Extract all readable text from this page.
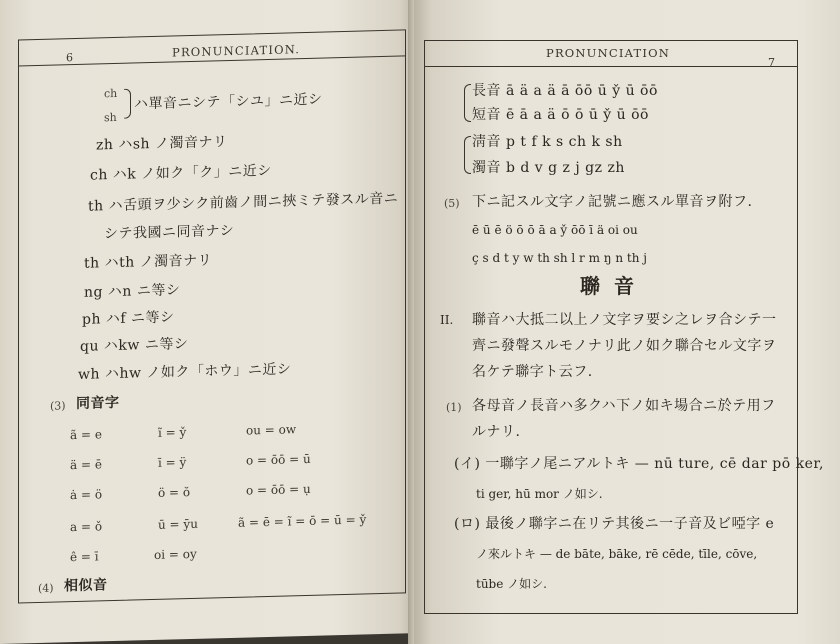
6	PRONUNCIATION.
ch
sh
ハ單音ニシテ「シユ」ニ近シ
zh ハsh ノ濁音ナリ
ch ハk ノ如ク「ク」ニ近シ
th ハ舌頭ヲ少シク前齒ノ間ニ挾ミテ發スル音ニ
シテ我國ニ同音ナシ
th ハth ノ濁音ナリ
ng ハn ニ等シ
ph ハf ニ等シ
qu ハkw ニ等シ
wh ハhw ノ如ク「ホウ」ニ近シ
(3) 同音字
ã = e	ĩ = y̌	ou = ow
ä = ē	ī = ÿ	o = ōō = ū
ȧ = ö	ö = ŏ	o = ōō = ụ
a = ǒ	ū = ȳu	ã = ē = ĩ = ō = ū = y̌
ê = ī	oi = oy
(4) 相似音
PRONUNCIATION
7
長音 ā ä a ä ā ōō ū y̌ ū ōō
短音 ē ā a ä ō ō ū y̌ ū ōō
淸音 p t f k s ch k sh
濁音 b d v g z j gz zh
(5) 下ニ記スル文字ノ記號ニ應スル單音ヲ附フ.
ē ū ē ö ō ō ā a y̌ ōō ī ä oi ou
ç s d t y w th sh l r m ŋ n th j
聯音
II. 聯音ハ大抵二以上ノ文字ヲ要シ之レヲ合シテ一
齊ニ發聲スルモノナリ此ノ如ク聯合セル文字ヲ
名ケテ聯字ト云フ.
(1) 各母音ノ長音ハ多クハ下ノ如キ場合ニ於テ用フ
ルナリ.
(イ) 一聯字ノ尾ニアルトキ — nū ture, cē dar pō ker,
ti ger, hū mor ノ如シ.
(ロ) 最後ノ聯字ニ在リテ其後ニ一子音及ビ啞字 e
ノ來ルトキ — de bāte, bāke, rē cēde, tīle, cōve,
tūbe ノ如シ.
